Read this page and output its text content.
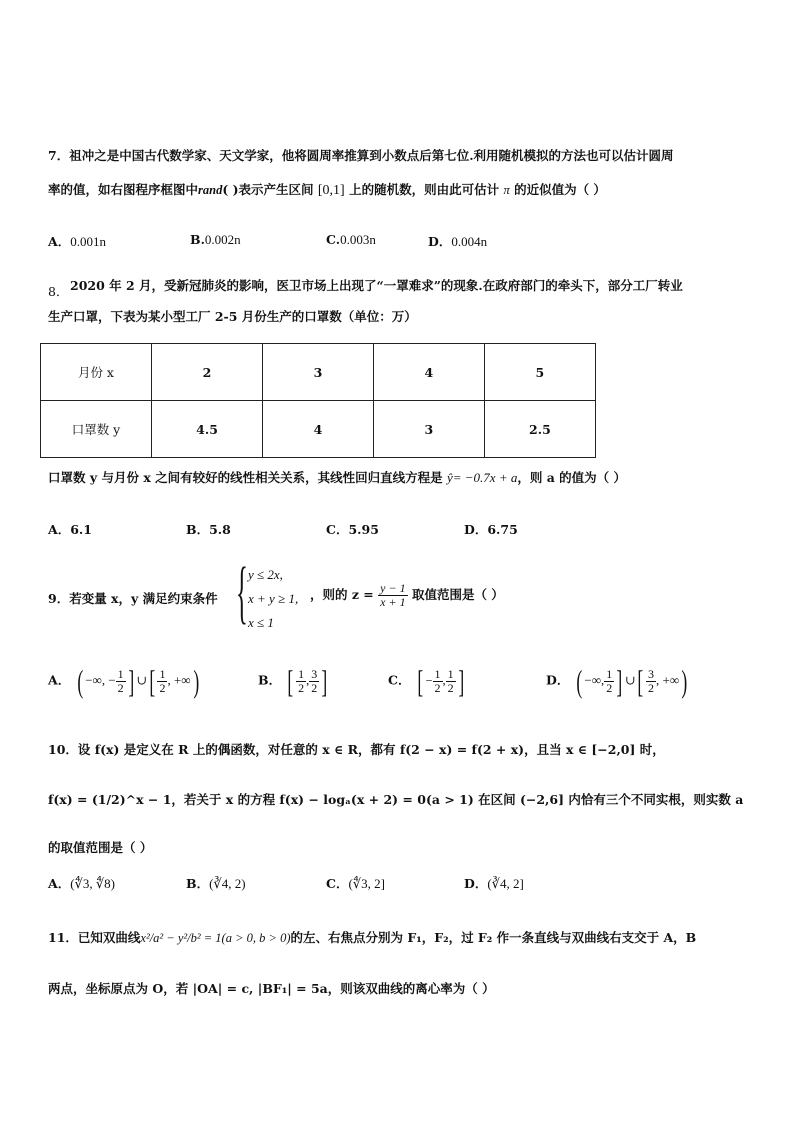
7．祖冲之是中国古代数学家、天文学家，他将圆周率推算到小数点后第七位.利用随机模拟的方法也可以估计圆周
率的值，如右图程序框图中rand( )表示产生区间 [0,1] 上的随机数，则由此可估计 π 的近似值为（ ）
A．0.001n	B.0.002n	C.0.003n	D．0.004n
2020 年 2 月，受新冠肺炎的影响，医卫市场上出现了“一罩难求”的现象.在政府部门的牵头下，部分工厂转业
8．
生产口罩，下表为某小型工厂 2-5 月份生产的口罩数（单位：万）
月份 x	2	3	4	5
口罩数 y	4.5	4	3	2.5
口罩数 y 与月份 x 之间有较好的线性相关关系，其线性回归直线方程是 ŷ= −0.7x + a，则 a 的值为（ ）
A．6.1	B．5.8	C．5.95	D．6.75
9．若变量 x，y 满足约束条件 { y ≤ 2x,
x + y ≥ 1,
x ≤ 1
，则的 $z = \frac{y - 1}{x + 1}$ 取值范围是（ ）
A． ( −∞, − $\frac{1}{2}$ ] ∪[ $\frac{1}{2}$ , +∞)	B． [ $\frac{1}{2}$ , $\frac{3}{2}$ ]	C． [ − $\frac{1}{2}$ , $\frac{1}{2}$ ]	D． ( −∞, $\frac{1}{2}$ ] ∪[ $\frac{3}{2}$ , +∞)
10．设 f(x) 是定义在 R 上的偶函数，对任意的 x ∈ R，都有 f(2 − x) = f(2 + x)，且当 x ∈ [−2,0] 时，
f(x) = (1/2)^x − 1，若关于 x 的方程 f(x) − logₐ(x + 2) = 0(a > 1) 在区间 (−2,6] 内恰有三个不同实根，则实数 a
的取值范围是（ ）
A．(∜3, ∜8)	B．(∛4, 2)	C．(∜3, 2]	D．(∛4, 2]
11．已知双曲线x²/a² − y²/b² = 1(a > 0, b > 0)的左、右焦点分别为 F₁，F₂，过 F₂ 作一条直线与双曲线右支交于 A，B
两点，坐标原点为 O，若 |OA| = c, |BF₁| = 5a，则该双曲线的离心率为（ ）
